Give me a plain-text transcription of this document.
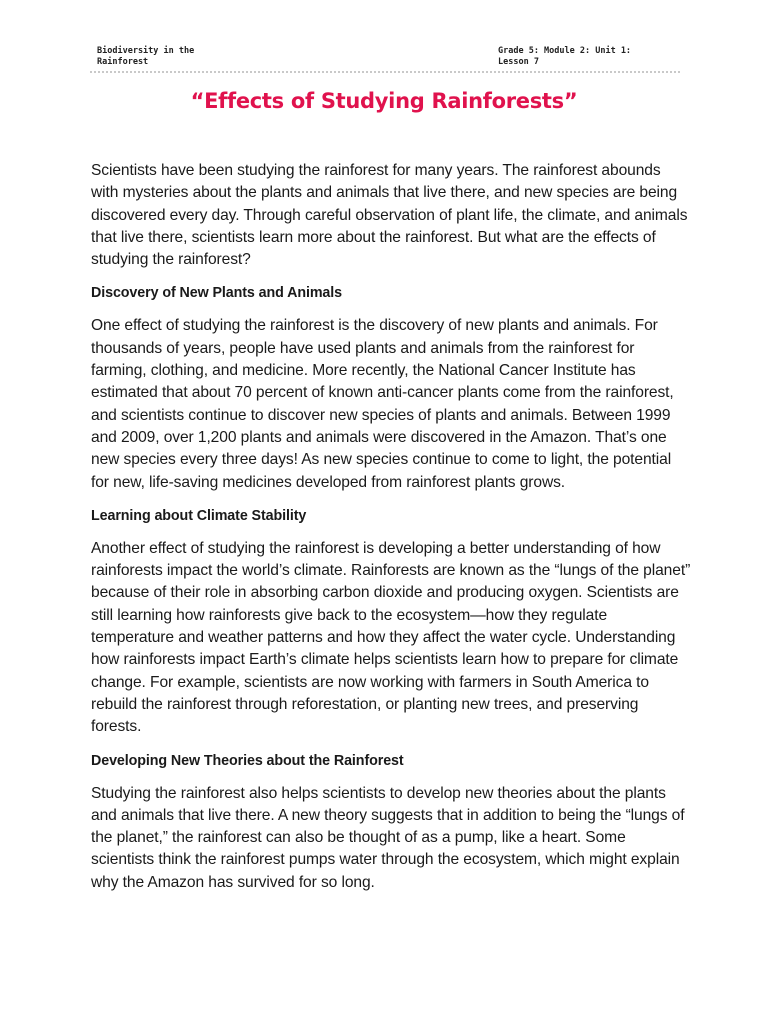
Biodiversity in the
Rainforest
Grade 5: Module 2: Unit 1:
Lesson 7
“Effects of Studying Rainforests”

Scientists have been studying the rainforest for many years. The rainforest abounds with mysteries about the plants and animals that live there, and new species are being discovered every day. Through careful observation of plant life, the climate, and animals that live there, scientists learn more about the rainforest. But what are the effects of studying the rainforest?

Discovery of New Plants and Animals

One effect of studying the rainforest is the discovery of new plants and animals. For thousands of years, people have used plants and animals from the rainforest for farming, clothing, and medicine. More recently, the National Cancer Institute has estimated that about 70 percent of known anti-cancer plants come from the rainforest, and scientists continue to discover new species of plants and animals. Between 1999 and 2009, over 1,200 plants and animals were discovered in the Amazon. That’s one new species every three days! As new species continue to come to light, the potential for new, life-saving medicines developed from rainforest plants grows.

Learning about Climate Stability

Another effect of studying the rainforest is developing a better understanding of how rainforests impact the world’s climate. Rainforests are known as the “lungs of the planet” because of their role in absorbing carbon dioxide and producing oxygen. Scientists are still learning how rainforests give back to the ecosystem—how they regulate temperature and weather patterns and how they affect the water cycle. Understanding how rainforests impact Earth’s climate helps scientists learn how to prepare for climate change. For example, scientists are now working with farmers in South America to rebuild the rainforest through reforestation, or planting new trees, and preserving forests.

Developing New Theories about the Rainforest

Studying the rainforest also helps scientists to develop new theories about the plants and animals that live there. A new theory suggests that in addition to being the “lungs of the planet,” the rainforest can also be thought of as a pump, like a heart. Some scientists think the rainforest pumps water through the ecosystem, which might explain why the Amazon has survived for so long.
